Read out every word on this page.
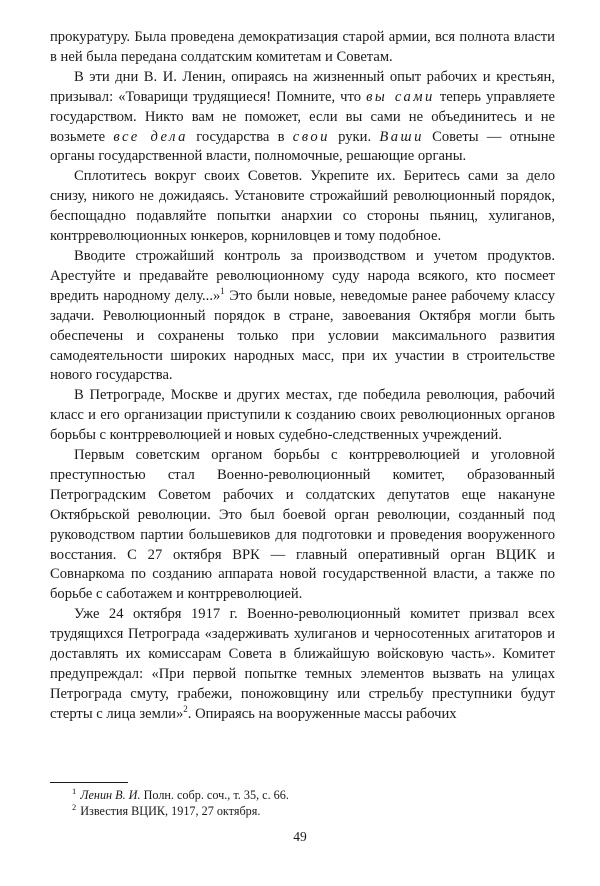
прокуратуру. Была проведена демократизация старой армии, вся полнота власти в ней была передана солдатским комитетам и Советам.

В эти дни В. И. Ленин, опираясь на жизненный опыт рабочих и крестьян, призывал: «Товарищи трудящиеся! Помните, что вы сами теперь управляете государством. Никто вам не поможет, если вы сами не объединитесь и не возьмете все дела государства в свои руки. Ваши Советы — отныне органы государственной власти, полномочные, решающие органы.

Сплотитесь вокруг своих Советов. Укрепите их. Беритесь сами за дело снизу, никого не дожидаясь. Установите строжайший революционный порядок, беспощадно подавляйте попытки анархии со стороны пьяниц, хулиганов, контрреволюционных юнкеров, корниловцев и тому подобное.

Вводите строжайший контроль за производством и учетом продуктов. Арестуйте и предавайте революционному суду народа всякого, кто посмеет вредить народному делу...»$^1$ Это были новые, неведомые ранее рабочему классу задачи. Революционный порядок в стране, завоевания Октября могли быть обеспечены и сохранены только при условии максимального развития самодеятельности широких народных масс, при их участии в строительстве нового государства.

В Петрограде, Москве и других местах, где победила революция, рабочий класс и его организации приступили к созданию своих революционных органов борьбы с контрреволюцией и новых судебно-следственных учреждений.

Первым советским органом борьбы с контрреволюцией и уголовной преступностью стал Военно-революционный комитет, образованный Петроградским Советом рабочих и солдатских депутатов еще накануне Октябрьской революции. Это был боевой орган революции, созданный под руководством партии большевиков для подготовки и проведения вооруженного восстания. С 27 октября ВРК — главный оперативный орган ВЦИК и Совнаркома по созданию аппарата новой государственной власти, а также по борьбе с саботажем и контрреволюцией.

Уже 24 октября 1917 г. Военно-революционный комитет призвал всех трудящихся Петрограда «задерживать хулиганов и черносотенных агитаторов и доставлять их комиссарам Совета в ближайшую войсковую часть». Комитет предупреждал: «При первой попытке темных элементов вызвать на улицах Петрограда смуту, грабежи, поножовщину или стрельбу преступники будут стерты с лица земли»$^2$. Опираясь на вооруженные массы рабочих

$^1$ Ленин В. И. Полн. собр. соч., т. 35, с. 66.

$^2$ Известия ВЦИК, 1917, 27 октября.

49
